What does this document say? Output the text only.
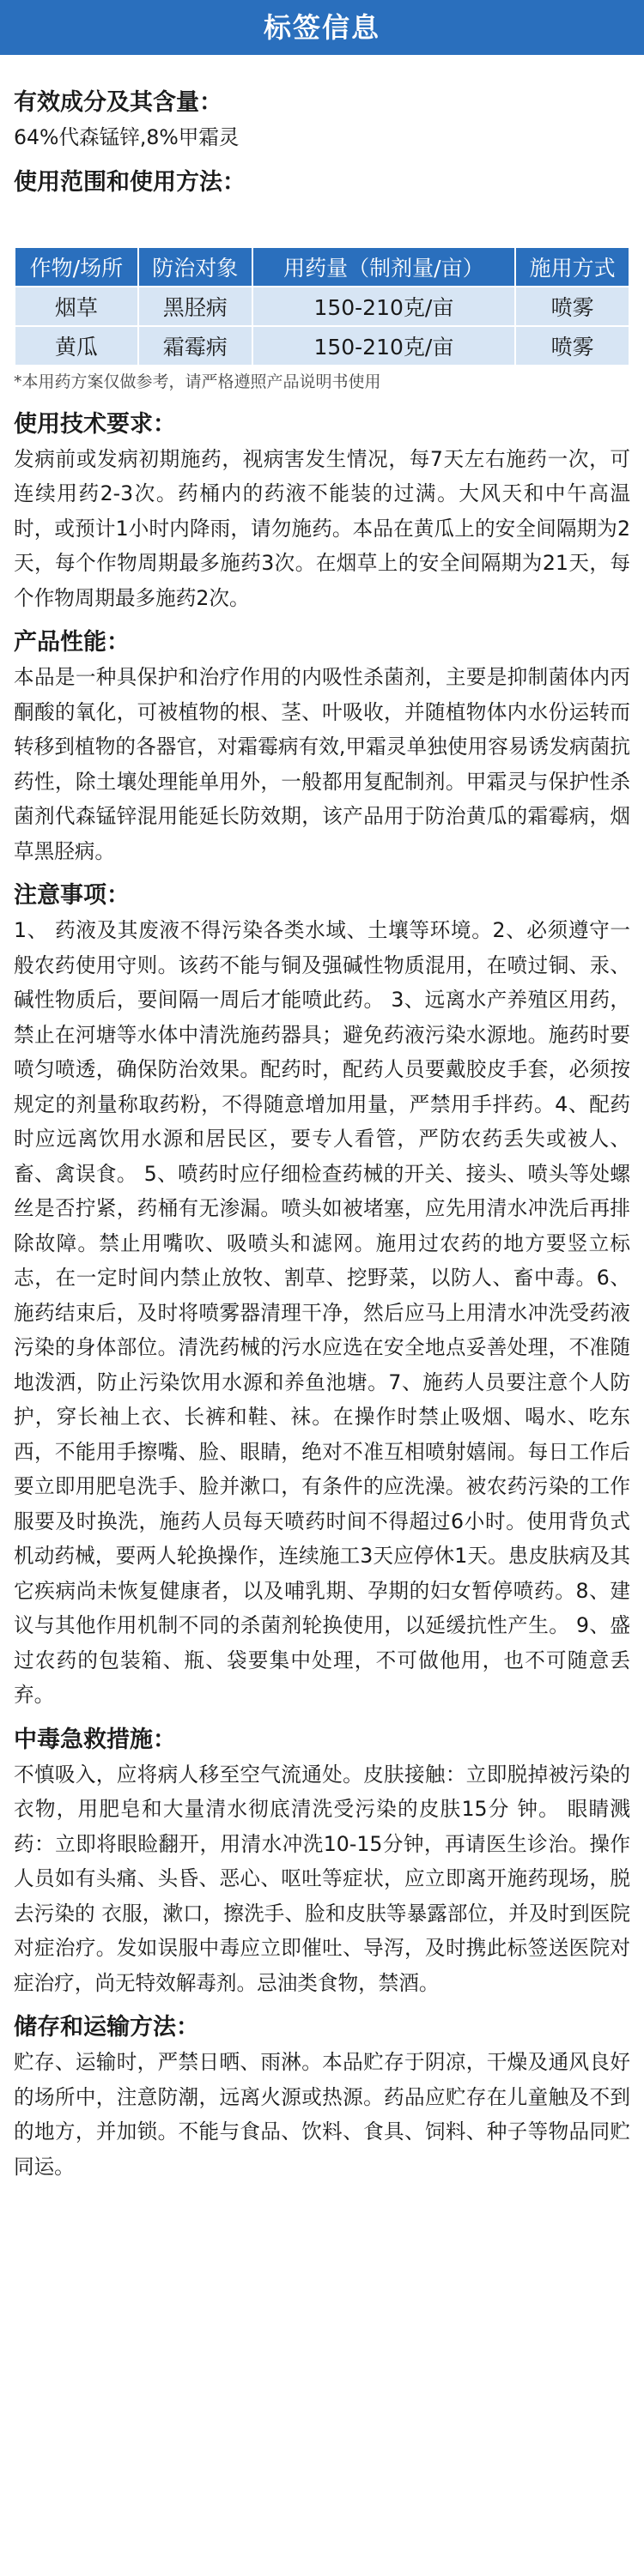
标签信息
有效成分及其含量：
64%代森锰锌,8%甲霜灵
使用范围和使用方法：
作物/场所	防治对象	用药量（制剂量/亩）	施用方式
烟草	黑胫病	150-210克/亩	喷雾
黄瓜	霜霉病	150-210克/亩	喷雾
*本用药方案仅做参考，请严格遵照产品说明书使用
使用技术要求：
发病前或发病初期施药，视病害发生情况，每7天左右施药一次，可连续用药2-3次。药桶内的药液不能装的过满。大风天和中午高温时，或预计1小时内降雨，请勿施药。本品在黄瓜上的安全间隔期为2天，每个作物周期最多施药3次。在烟草上的安全间隔期为21天，每个作物周期最多施药2次。
产品性能：
本品是一种具保护和治疗作用的内吸性杀菌剂，主要是抑制菌体内丙酮酸的氧化，可被植物的根、茎、叶吸收，并随植物体内水份运转而转移到植物的各器官，对霜霉病有效,甲霜灵单独使用容易诱发病菌抗药性，除土壤处理能单用外，一般都用复配制剂。甲霜灵与保护性杀菌剂代森锰锌混用能延长防效期，该产品用于防治黄瓜的霜霉病，烟草黑胫病。
注意事项：
1、 药液及其废液不得污染各类水域、土壤等环境。2、必须遵守一般农药使用守则。该药不能与铜及强碱性物质混用，在喷过铜、汞、碱性物质后，要间隔一周后才能喷此药。 3、远离水产养殖区用药，禁止在河塘等水体中清洗施药器具；避免药液污染水源地。施药时要喷匀喷透，确保防治效果。配药时，配药人员要戴胶皮手套，必须按规定的剂量称取药粉，不得随意增加用量，严禁用手拌药。4、配药时应远离饮用水源和居民区，要专人看管，严防农药丢失或被人、畜、禽误食。 5、喷药时应仔细检查药械的开关、接头、喷头等处螺丝是否拧紧，药桶有无渗漏。喷头如被堵塞，应先用清水冲洗后再排除故障。禁止用嘴吹、吸喷头和滤网。施用过农药的地方要竖立标志，在一定时间内禁止放牧、割草、挖野菜，以防人、畜中毒。6、施药结束后，及时将喷雾器清理干净，然后应马上用清水冲洗受药液污染的身体部位。清洗药械的污水应选在安全地点妥善处理，不准随地泼洒，防止污染饮用水源和养鱼池塘。7、施药人员要注意个人防护，穿长袖上衣、长裤和鞋、袜。在操作时禁止吸烟、喝水、吃东西，不能用手擦嘴、脸、眼睛，绝对不准互相喷射嬉闹。每日工作后要立即用肥皂洗手、脸并漱口，有条件的应洗澡。被农药污染的工作服要及时换洗，施药人员每天喷药时间不得超过6小时。使用背负式机动药械，要两人轮换操作，连续施工3天应停休1天。患皮肤病及其它疾病尚未恢复健康者，以及哺乳期、孕期的妇女暂停喷药。8、建议与其他作用机制不同的杀菌剂轮换使用，以延缓抗性产生。 9、盛过农药的包装箱、瓶、袋要集中处理，不可做他用，也不可随意丢弃。
中毒急救措施：
不慎吸入，应将病人移至空气流通处。皮肤接触：立即脱掉被污染的衣物，用肥皂和大量清水彻底清洗受污染的皮肤15分 钟。 眼睛溅药：立即将眼睑翻开，用清水冲洗10-15分钟，再请医生诊治。操作人员如有头痛、头昏、恶心、呕吐等症状，应立即离开施药现场，脱去污染的 衣服，漱口，擦洗手、脸和皮肤等暴露部位，并及时到医院对症治疗。发如误服中毒应立即催吐、导泻，及时携此标签送医院对症治疗，尚无特效解毒剂。忌油类食物，禁酒。
储存和运输方法：
贮存、运输时，严禁日晒、雨淋。本品贮存于阴凉，干燥及通风良好的场所中，注意防潮，远离火源或热源。药品应贮存在儿童触及不到的地方，并加锁。不能与食品、饮料、食具、饲料、种子等物品同贮同运。
